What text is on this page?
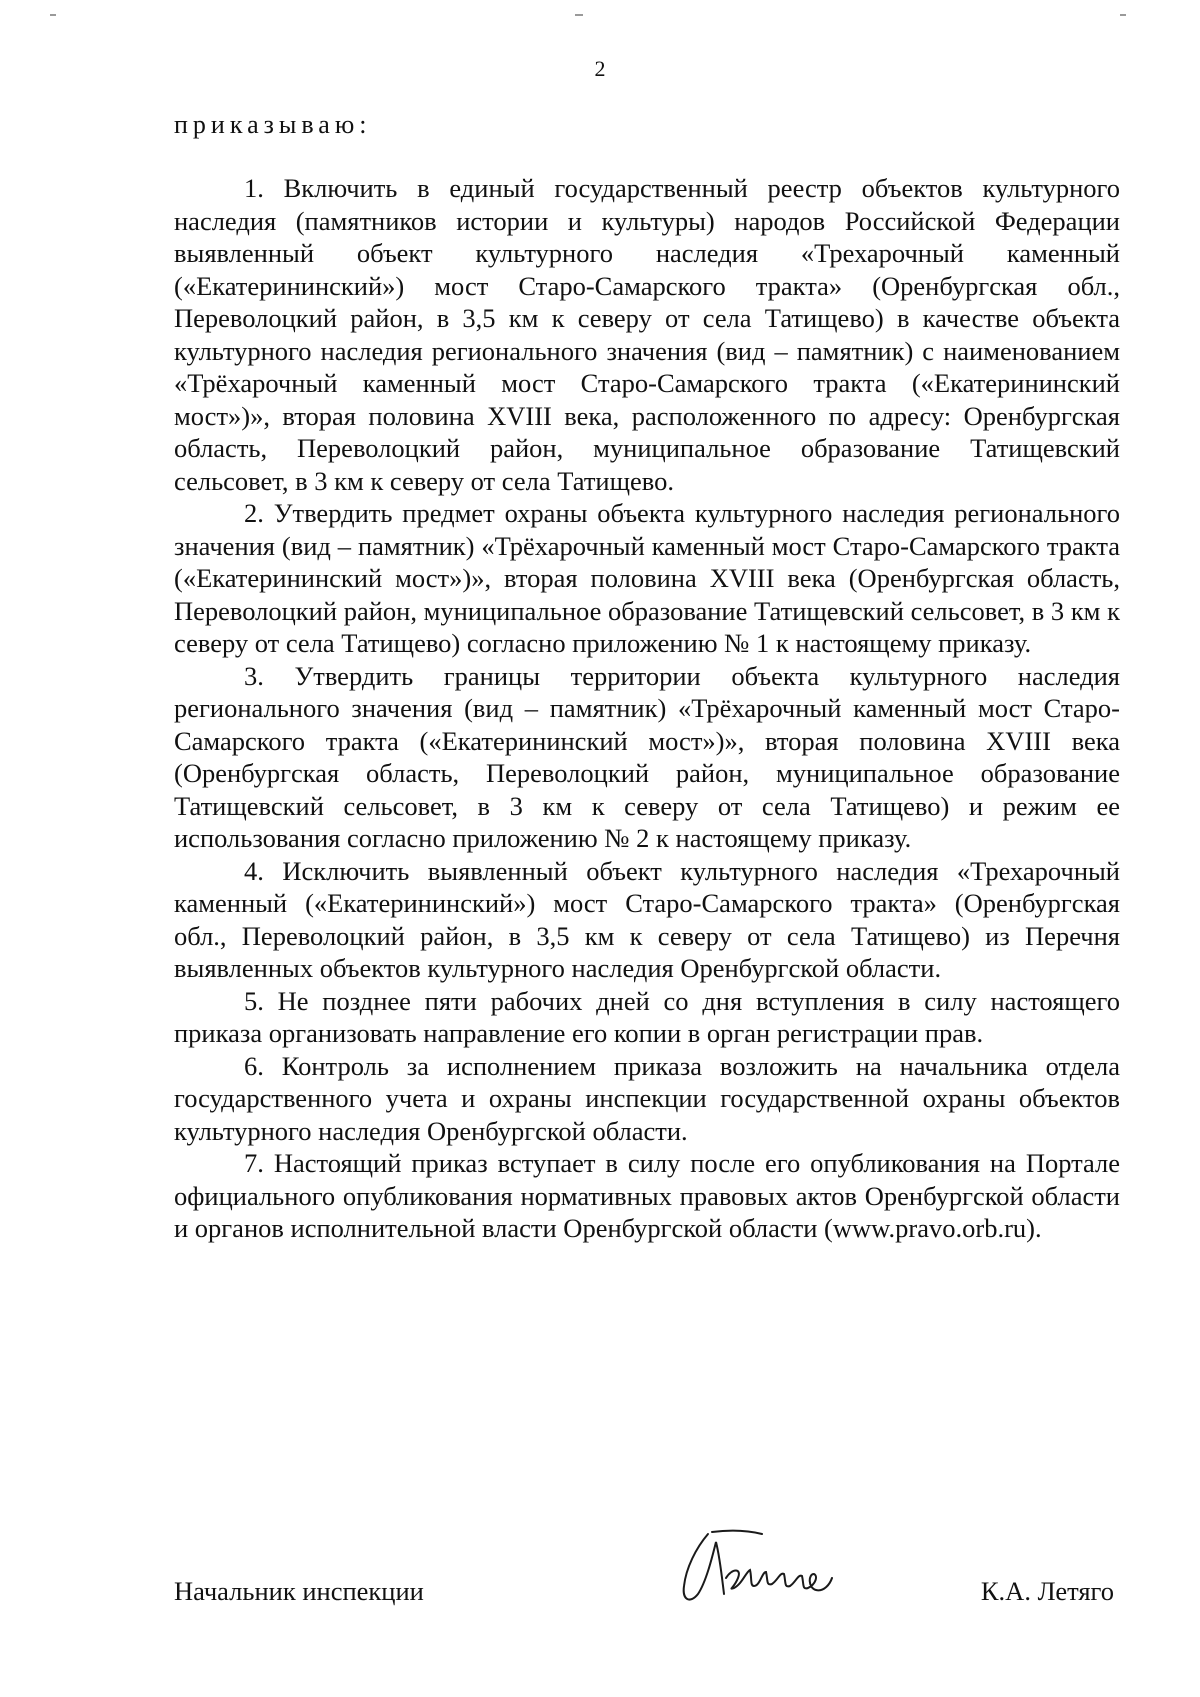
2
приказываю:

1. Включить в единый государственный реестр объектов культурного наследия (памятников истории и культуры) народов Российской Федерации выявленный объект культурного наследия «Трехарочный каменный («Екатерининский») мост Старо-Самарского тракта» (Оренбургская обл., Переволоцкий район, в 3,5 км к северу от села Татищево) в качестве объекта культурного наследия регионального значения (вид – памятник) с наименованием «Трёхарочный каменный мост Старо-Самарского тракта («Екатерининский мост»)», вторая половина XVIII века, расположенного по адресу: Оренбургская область, Переволоцкий район, муниципальное образование Татищевский сельсовет, в 3 км к северу от села Татищево.

2. Утвердить предмет охраны объекта культурного наследия регионального значения (вид – памятник) «Трёхарочный каменный мост Старо-Самарского тракта («Екатерининский мост»)», вторая половина XVIII века (Оренбургская область, Переволоцкий район, муниципальное образование Татищевский сельсовет, в 3 км к северу от села Татищево) согласно приложению № 1 к настоящему приказу.

3. Утвердить границы территории объекта культурного наследия регионального значения (вид – памятник) «Трёхарочный каменный мост Старо-Самарского тракта («Екатерининский мост»)», вторая половина XVIII века (Оренбургская область, Переволоцкий район, муниципальное образование Татищевский сельсовет, в 3 км к северу от села Татищево) и режим ее использования согласно приложению № 2 к настоящему приказу.

4. Исключить выявленный объект культурного наследия «Трехарочный каменный («Екатерининский») мост Старо-Самарского тракта» (Оренбургская обл., Переволоцкий район, в 3,5 км к северу от села Татищево) из Перечня выявленных объектов культурного наследия Оренбургской области.

5. Не позднее пяти рабочих дней со дня вступления в силу настоящего приказа организовать направление его копии в орган регистрации прав.

6. Контроль за исполнением приказа возложить на начальника отдела государственного учета и охраны инспекции государственной охраны объектов культурного наследия Оренбургской области.

7. Настоящий приказ вступает в силу после его опубликования на Портале официального опубликования нормативных правовых актов Оренбургской области и органов исполнительной власти Оренбургской области (www.pravo.orb.ru).

Начальник инспекции	К.А. Летяго
